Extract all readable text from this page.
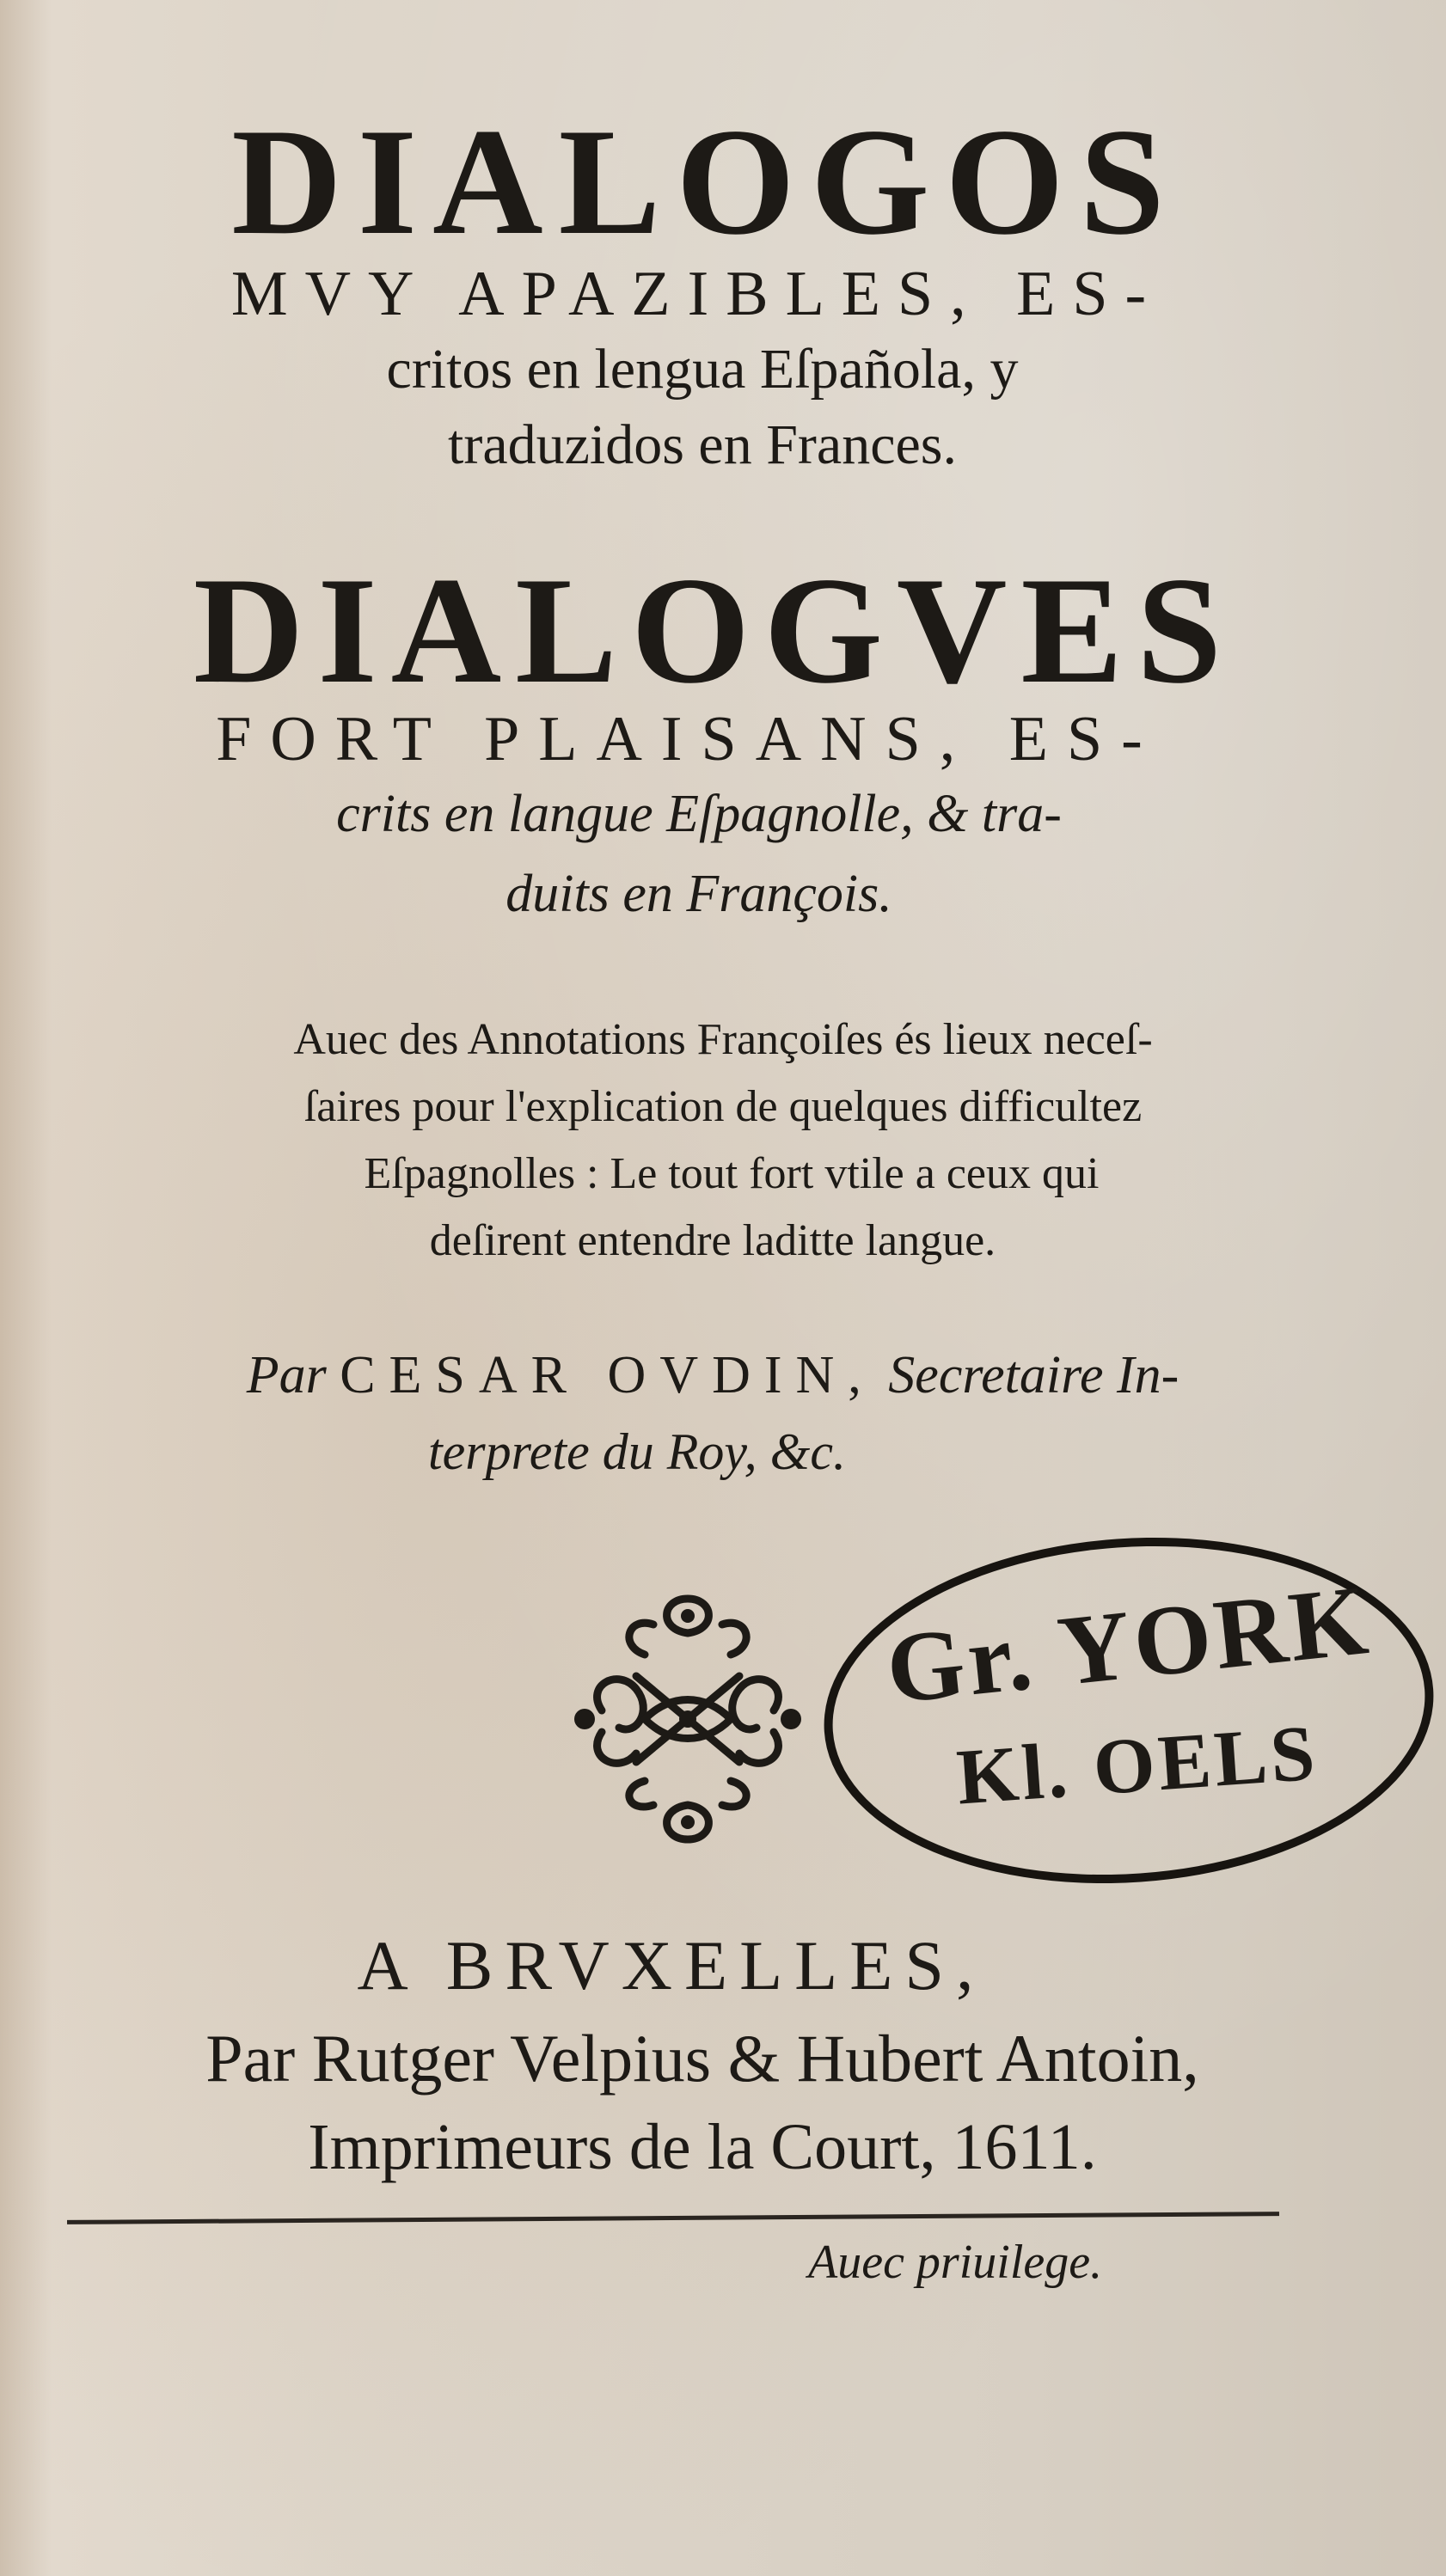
DIALOGOS
MVY APAZIBLES, ES-
critos en lengua Eſpañola, y
traduzidos en Frances.
DIALOGVES
FORT PLAISANS, ES-
crits en langue Eſpagnolle, & tra-
duits en François.
Auec des Annotations Françoiſes és lieux neceſ-
ſaires pour l'explication de quelques difficultez
Eſpagnolles : Le tout fort vtile a ceux qui
deſirent entendre laditte langue.
Par CESAR OVDIN, Secretaire In-
terprete du Roy, &c.
Gr. YORK
Kl. OELS
A BRVXELLES,
Par Rutger Velpius & Hubert Antoin,
Imprimeurs de la Court, 1611.
Auec priuilege.
